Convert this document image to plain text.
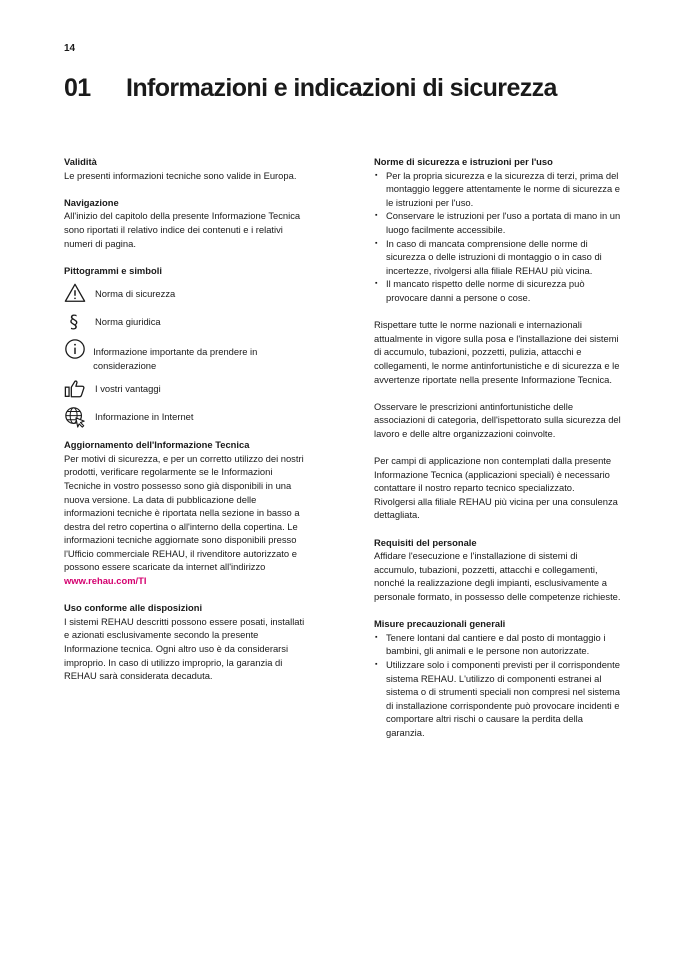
14
01 Informazioni e indicazioni di sicurezza
Validità

Le presenti informazioni tecniche sono valide in Europa.

Navigazione

All'inizio del capitolo della presente Informazione Tecnica sono riportati il relativo indice dei contenuti e i relativi numeri di pagina.

Pittogrammi e simboli
Norma di sicurezza
§ Norma giuridica
Informazione importante da prendere in considerazione
I vostri vantaggi
Informazione in Internet
Aggiornamento dell'Informazione Tecnica

Per motivi di sicurezza, e per un corretto utilizzo dei nostri prodotti, verificare regolarmente se le Informazioni Tecniche in vostro possesso sono già disponibili in una nuova versione. La data di pubblicazione delle informazioni tecniche è riportata nella sezione in basso a destra del retro copertina o all'interno della copertina. Le informazioni tecniche aggiornate sono disponibili presso l'Ufficio commerciale REHAU, il rivenditore autorizzato e possono essere scaricate da internet all'indirizzo www.rehau.com/TI

Uso conforme alle disposizioni

I sistemi REHAU descritti possono essere posati, installati e azionati esclusivamente secondo la presente Informazione tecnica. Ogni altro uso è da considerarsi improprio. In caso di utilizzo improprio, la garanzia di REHAU sarà considerata decaduta.

Norme di sicurezza e istruzioni per l'uso
▪ Per la propria sicurezza e la sicurezza di terzi, prima del montaggio leggere attentamente le norme di sicurezza e le istruzioni per l'uso.
▪ Conservare le istruzioni per l'uso a portata di mano in un luogo facilmente accessibile.
▪ In caso di mancata comprensione delle norme di sicurezza o delle istruzioni di montaggio o in caso di incertezze, rivolgersi alla filiale REHAU più vicina.
▪ Il mancato rispetto delle norme di sicurezza può provocare danni a persone o cose.

Rispettare tutte le norme nazionali e internazionali attualmente in vigore sulla posa e l'installazione dei sistemi di accumulo, tubazioni, pozzetti, pulizia, attacchi e collegamenti, le norme antinfortunistiche e di sicurezza e le avvertenze riportate nella presente Informazione Tecnica.

Osservare le prescrizioni antinfortunistiche delle associazioni di categoria, dell'ispettorato sulla sicurezza del lavoro e delle altre organizzazioni coinvolte.

Per campi di applicazione non contemplati dalla presente Informazione Tecnica (applicazioni speciali) è necessario contattare il nostro reparto tecnico specializzato.

Rivolgersi alla filiale REHAU più vicina per una consulenza dettagliata.

Requisiti del personale

Affidare l'esecuzione e l'installazione di sistemi di accumulo, tubazioni, pozzetti, attacchi e collegamenti, nonché la realizzazione degli impianti, esclusivamente a personale formato, in possesso delle competenze richieste.

Misure precauzionali generali
▪ Tenere lontani dal cantiere e dal posto di montaggio i bambini, gli animali e le persone non autorizzate.
▪ Utilizzare solo i componenti previsti per il corrispondente sistema REHAU. L'utilizzo di componenti estranei al sistema o di strumenti speciali non compresi nel sistema di installazione corrispondente può provocare incidenti e comportare altri rischi o causare la perdita della garanzia.
